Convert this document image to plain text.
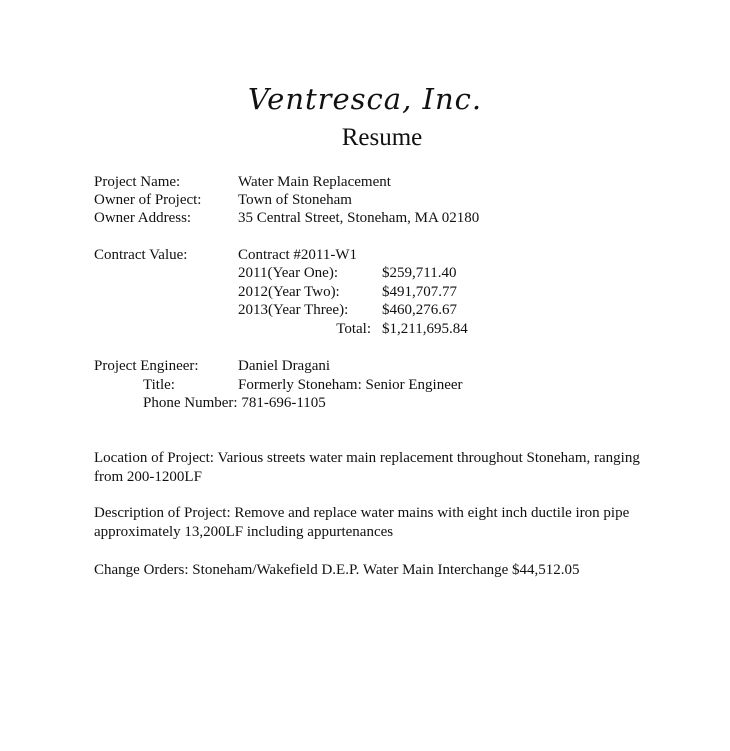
Ventresca, Inc.
Resume
Project Name:	Water Main Replacement
Owner of Project: Town of Stoneham
Owner Address:	35 Central Street, Stoneham, MA 02180
Contract Value:	Contract #2011-W1
2011(Year One):	$259,711.40
2012(Year Two):	$491,707.77
2013(Year Three): $460,276.67
Total: $1,211,695.84
Project Engineer:	Daniel Dragani
Title:	Formerly Stoneham: Senior Engineer
Phone Number: 781-696-1105
Location of Project: Various streets water main replacement throughout Stoneham, ranging from 200-1200LF
Description of Project: Remove and replace water mains with eight inch ductile iron pipe approximately 13,200LF including appurtenances
Change Orders: Stoneham/Wakefield D.E.P. Water Main Interchange $44,512.05
